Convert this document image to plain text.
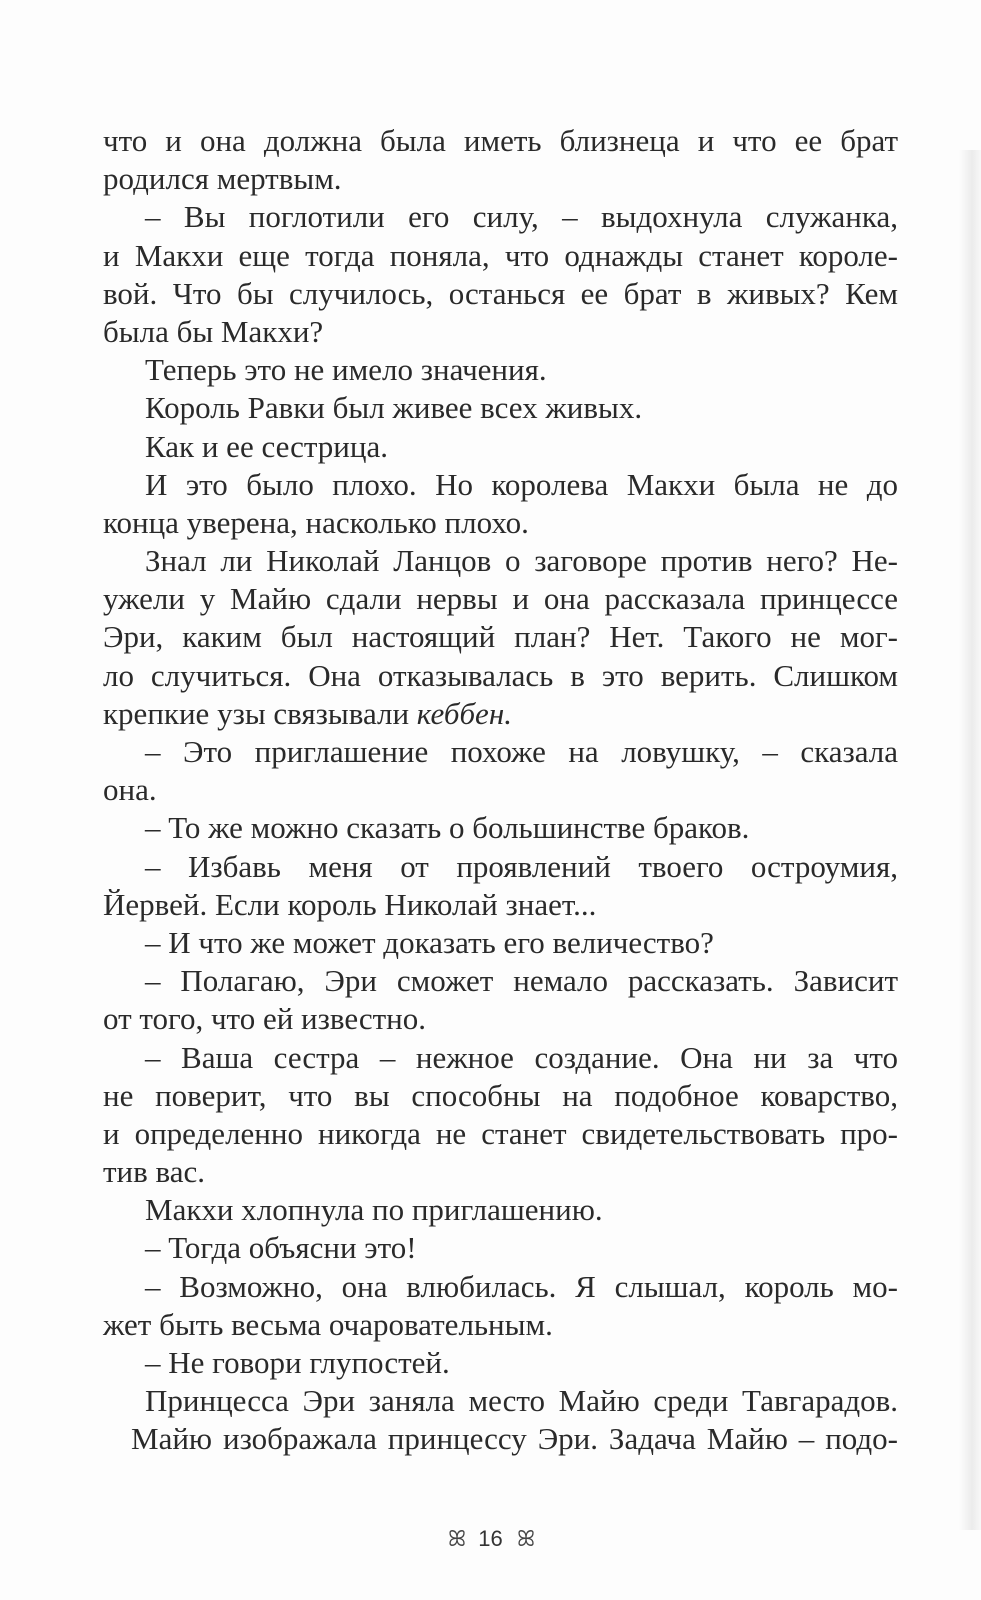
что и она должна была иметь близнеца и что ее брат
родился мертвым.
– Вы поглотили его силу, – выдохнула служанка,
и Макхи еще тогда поняла, что однажды станет короле-
вой. Что бы случилось, останься ее брат в живых? Кем
была бы Макхи?
Теперь это не имело значения.
Король Равки был живее всех живых.
Как и ее сестрица.
И это было плохо. Но королева Макхи была не до
конца уверена, насколько плохо.
Знал ли Николай Ланцов о заговоре против него? Не-
ужели у Майю сдали нервы и она рассказала принцессе
Эри, каким был настоящий план? Нет. Такого не мог-
ло случиться. Она отказывалась в это верить. Слишком
крепкие узы связывали кеббен.
– Это приглашение похоже на ловушку, – сказала
она.
– То же можно сказать о большинстве браков.
– Избавь меня от проявлений твоего остроумия,
Йервей. Если король Николай знает...
– И что же может доказать его величество?
– Полагаю, Эри сможет немало рассказать. Зависит
от того, что ей известно.
– Ваша сестра – нежное создание. Она ни за что
не поверит, что вы способны на подобное коварство,
и определенно никогда не станет свидетельствовать про-
тив вас.
Макхи хлопнула по приглашению.
– Тогда объясни это!
– Возможно, она влюбилась. Я слышал, король мо-
жет быть весьма очаровательным.
– Не говори глупостей.
Принцесса Эри заняла место Майю среди Тавгарадов.
Майю изображала принцессу Эри. Задача Майю – подо-
ꕤ 16 ꕤ
